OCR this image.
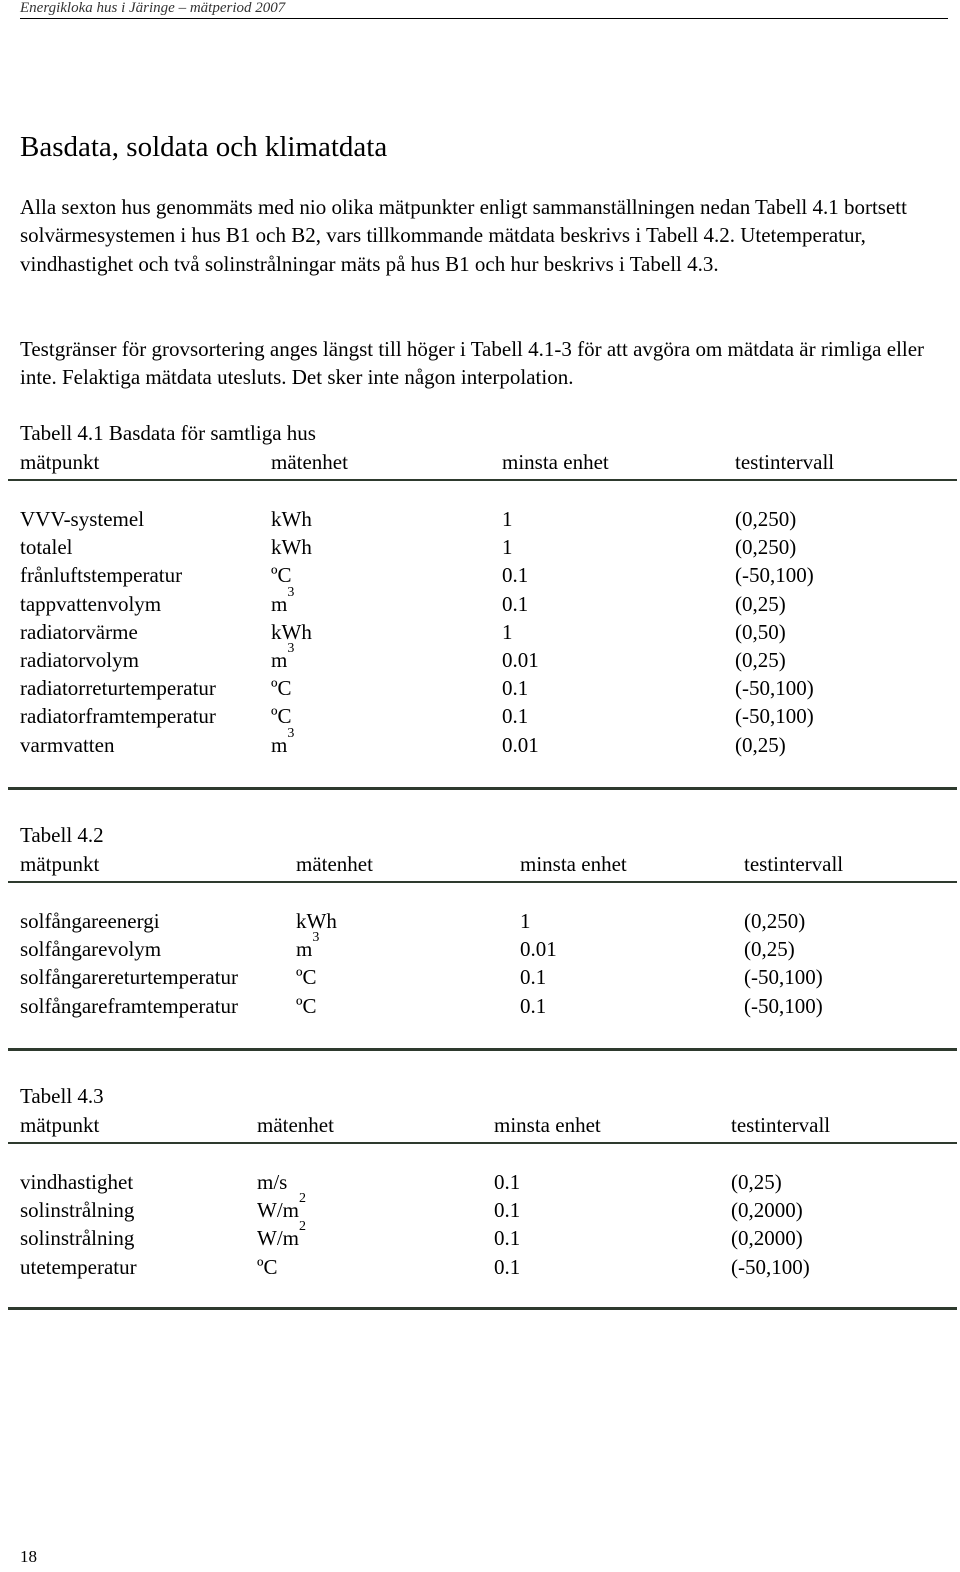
Energiklokа hus i Järinge – mätperiod 2007
Basdata, soldata och klimatdata

Alla sexton hus genommäts med nio olika mätpunkter enligt sammanställningen nedan Tabell 4.1 bortsett solvärmesystemen i hus B1 och B2, vars tillkommande mätdata beskrivs i Tabell 4.2. Utetemperatur, vindhastighet och två solinstrålningar mäts på hus B1 och hur beskrivs i Tabell 4.3.

Testgränser för grovsortering anges längst till höger i Tabell 4.1-3 för att avgöra om mätdata är rimliga eller inte. Felaktiga mätdata utesluts. Det sker inte någon interpolation.

Tabell 4.1 Basdata för samtliga hus
mätpunkt	mätenhet	minsta enhet	testintervall
VVV-systemel	kWh	1	(0,250)
totalel	kWh	1	(0,250)
frånluftstemperatur	ºC	0.1	(-50,100)
tappvattenvolym	$m^3$	0.1	(0,25)
radiatorvärme	kWh	1	(0,50)
radiatorvolym	$m^3$	0.01	(0,25)
radiatorreturtemperatur	ºC	0.1	(-50,100)
radiatorframtemperatur	ºC	0.1	(-50,100)
varmvatten	$m^3$	0.01	(0,25)
Tabell 4.2
mätpunkt	mätenhet	minsta enhet	testintervall
solfångareenergi	kWh	1	(0,250)
solfångarevolym	$m^3$	0.01	(0,25)
solfångarereturtemperatur	ºC	0.1	(-50,100)
solfångareframtemperatur	ºC	0.1	(-50,100)
Tabell 4.3
mätpunkt	mätenhet	minsta enhet	testintervall
vindhastighet	m/s	0.1	(0,25)
solinstrålning	$W/m^2$	0.1	(0,2000)
solinstrålning	$W/m^2$	0.1	(0,2000)
utetemperatur	ºC	0.1	(-50,100)
18
